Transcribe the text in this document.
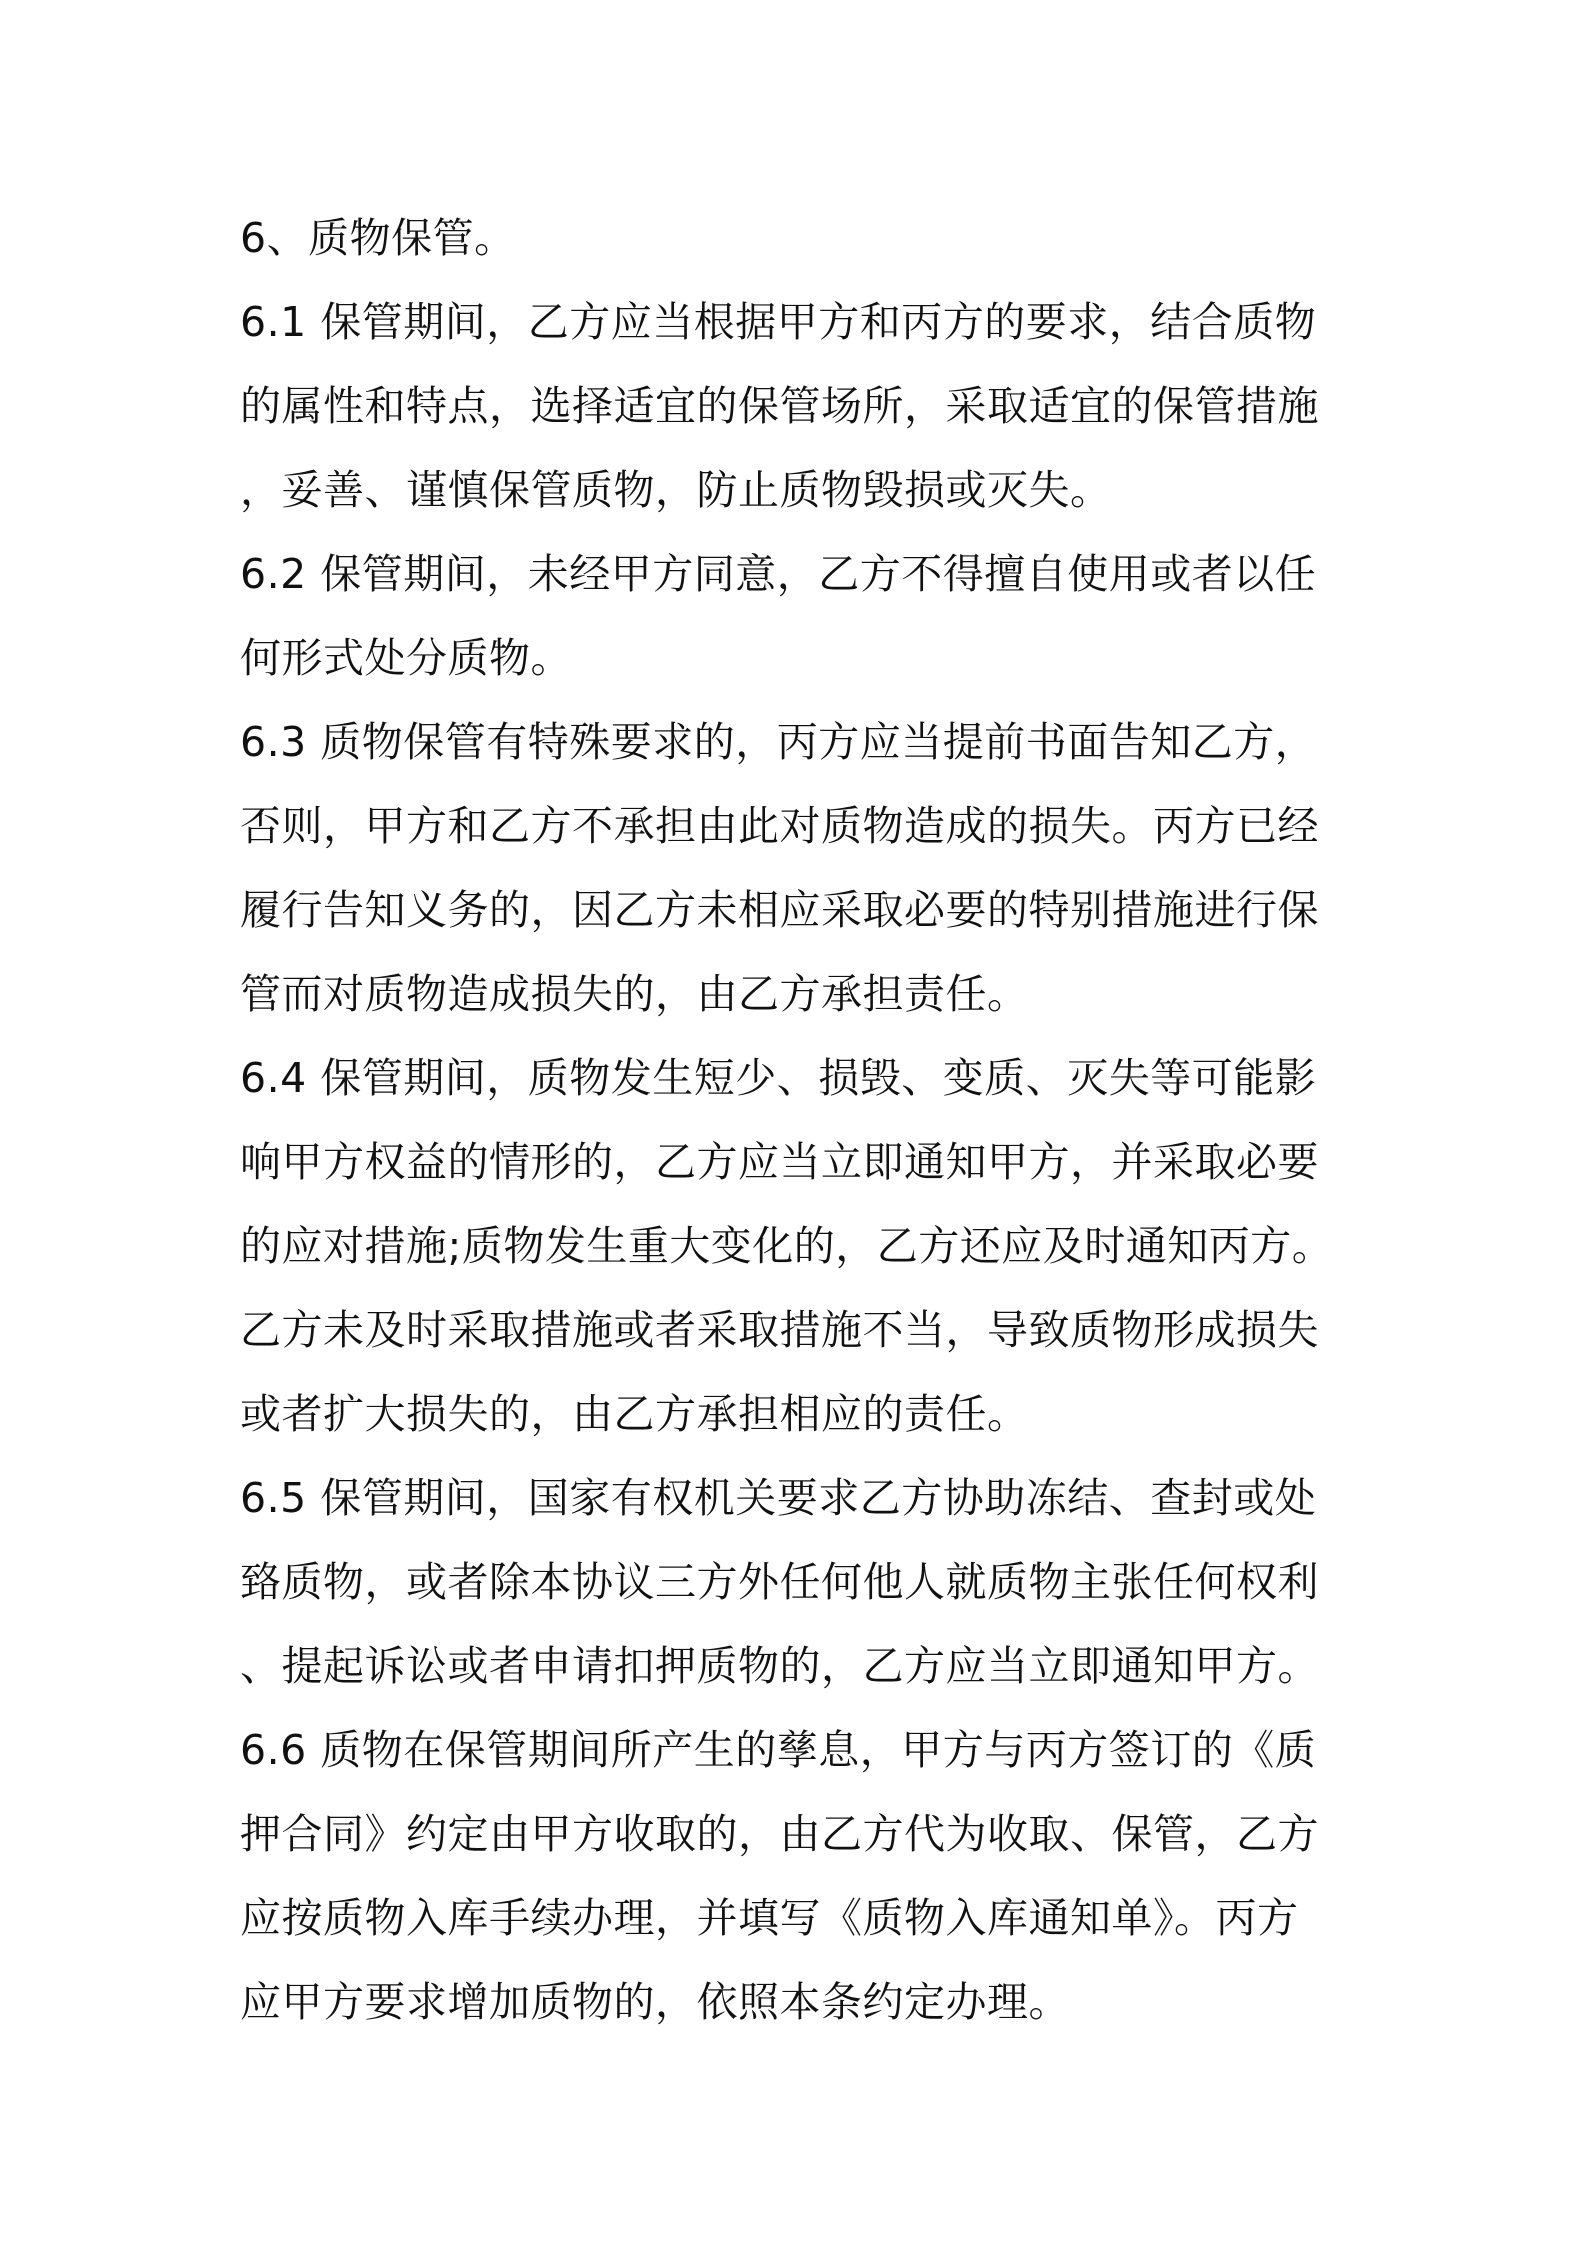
6、质物保管。
6.1 保管期间，乙方应当根据甲方和丙方的要求，结合质物
的属性和特点，选择适宜的保管场所，采取适宜的保管措施
，妥善、谨慎保管质物，防止质物毁损或灭失。
6.2 保管期间，未经甲方同意，乙方不得擅自使用或者以任
何形式处分质物。
6.3 质物保管有特殊要求的，丙方应当提前书面告知乙方，
否则，甲方和乙方不承担由此对质物造成的损失。丙方已经
履行告知义务的，因乙方未相应采取必要的特别措施进行保
管而对质物造成损失的，由乙方承担责任。
6.4 保管期间，质物发生短少、损毁、变质、灭失等可能影
响甲方权益的情形的，乙方应当立即通知甲方，并采取必要
的应对措施;质物发生重大变化的，乙方还应及时通知丙方。
乙方未及时采取措施或者采取措施不当，导致质物形成损失
或者扩大损失的，由乙方承担相应的责任。
6.5 保管期间，国家有权机关要求乙方协助冻结、查封或处
臵质物，或者除本协议三方外任何他人就质物主张任何权利
、提起诉讼或者申请扣押质物的，乙方应当立即通知甲方。
6.6 质物在保管期间所产生的孳息，甲方与丙方签订的《质
押合同》约定由甲方收取的，由乙方代为收取、保管，乙方
应按质物入库手续办理，并填写《质物入库通知单》。丙方
应甲方要求增加质物的，依照本条约定办理。
